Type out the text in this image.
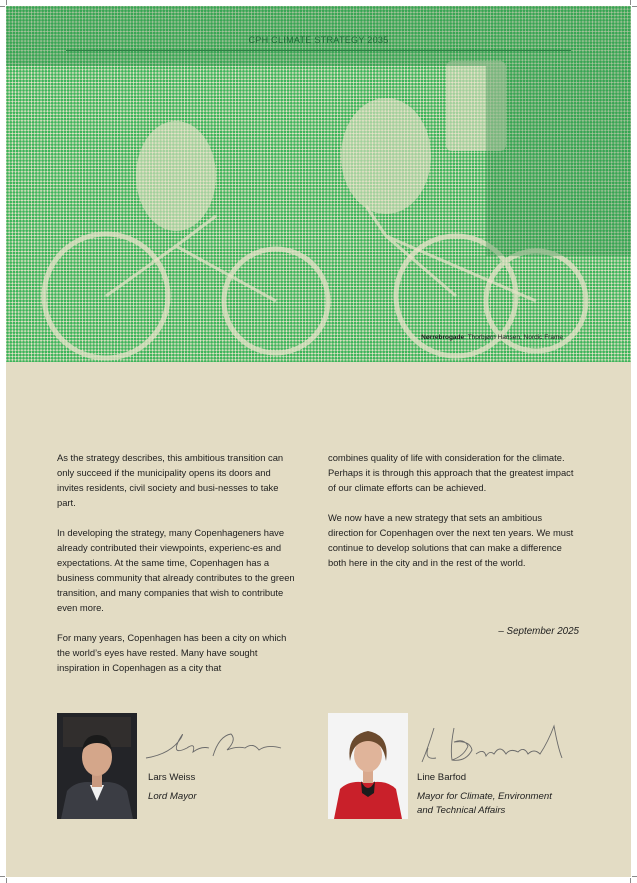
CPH CLIMATE STRATEGY 2035
Nørrebrogade: Thorbjørn Hansen, Nordic Frame

As the strategy describes, this ambitious transition can only succeed if the municipality opens its doors and invites residents, civil society and busi-nesses to take part.

In developing the strategy, many Copenhageners have already contributed their viewpoints, experienc-es and expectations. At the same time, Copenhagen has a business community that already contributes to the green transition, and many companies that wish to contribute even more.

For many years, Copenhagen has been a city on which the world’s eyes have rested. Many have sought inspiration in Copenhagen as a city that

combines quality of life with consideration for the climate. Perhaps it is through this approach that the greatest impact of our climate efforts can be achieved.

We now have a new strategy that sets an ambitious direction for Copenhagen over the next ten years. We must continue to develop solutions that can make a difference both here in the city and in the rest of the world.

– September 2025
Lars Weiss
Lord Mayor
Line Barfod
Mayor for Climate, Environment
and Technical Affairs
